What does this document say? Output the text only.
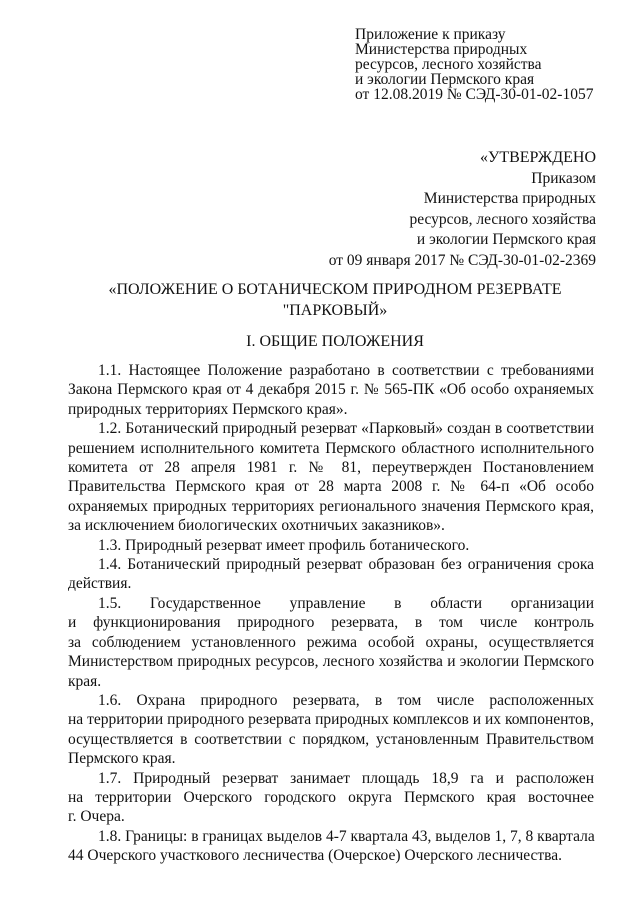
Приложение к приказу
Министерства природных
ресурсов, лесного хозяйства
и экологии Пермского края
от 12.08.2019 № СЭД-30-01-02-1057
«УТВЕРЖДЕНО
Приказом
Министерства природных
ресурсов, лесного хозяйства
и экологии Пермского края
от 09 января 2017 № СЭД-30-01-02-2369
«ПОЛОЖЕНИЕ О БОТАНИЧЕСКОМ ПРИРОДНОМ РЕЗЕРВАТЕ
"ПАРКОВЫЙ»
I. ОБЩИЕ ПОЛОЖЕНИЯ

1.1. Настоящее Положение разработано в соответствии с требованиями
Закона Пермского края от 4 декабря 2015 г. № 565-ПК «Об особо охраняемых
природных территориях Пермского края».

1.2. Ботанический природный резерват «Парковый» создан в соответствии
решением исполнительного комитета Пермского областного исполнительного
комитета от 28 апреля 1981 г. № 81, переутвержден Постановлением
Правительства Пермского края от 28 марта 2008 г. № 64-п «Об особо
охраняемых природных территориях регионального значения Пермского края,
за исключением биологических охотничьих заказников».

1.3. Природный резерват имеет профиль ботанического.

1.4. Ботанический природный резерват образован без ограничения срока
действия.

1.5. Государственное управление в области организации
и функционирования природного резервата, в том числе контроль
за соблюдением установленного режима особой охраны, осуществляется
Министерством природных ресурсов, лесного хозяйства и экологии Пермского
края.

1.6. Охрана природного резервата, в том числе расположенных
на территории природного резервата природных комплексов и их компонентов,
осуществляется в соответствии с порядком, установленным Правительством
Пермского края.

1.7. Природный резерват занимает площадь 18,9 га и расположен
на территории Очерского городского округа Пермского края восточнее
г. Очера.

1.8. Границы: в границах выделов 4-7 квартала 43, выделов 1, 7, 8 квартала
44 Очерского участкового лесничества (Очерское) Очерского лесничества.
